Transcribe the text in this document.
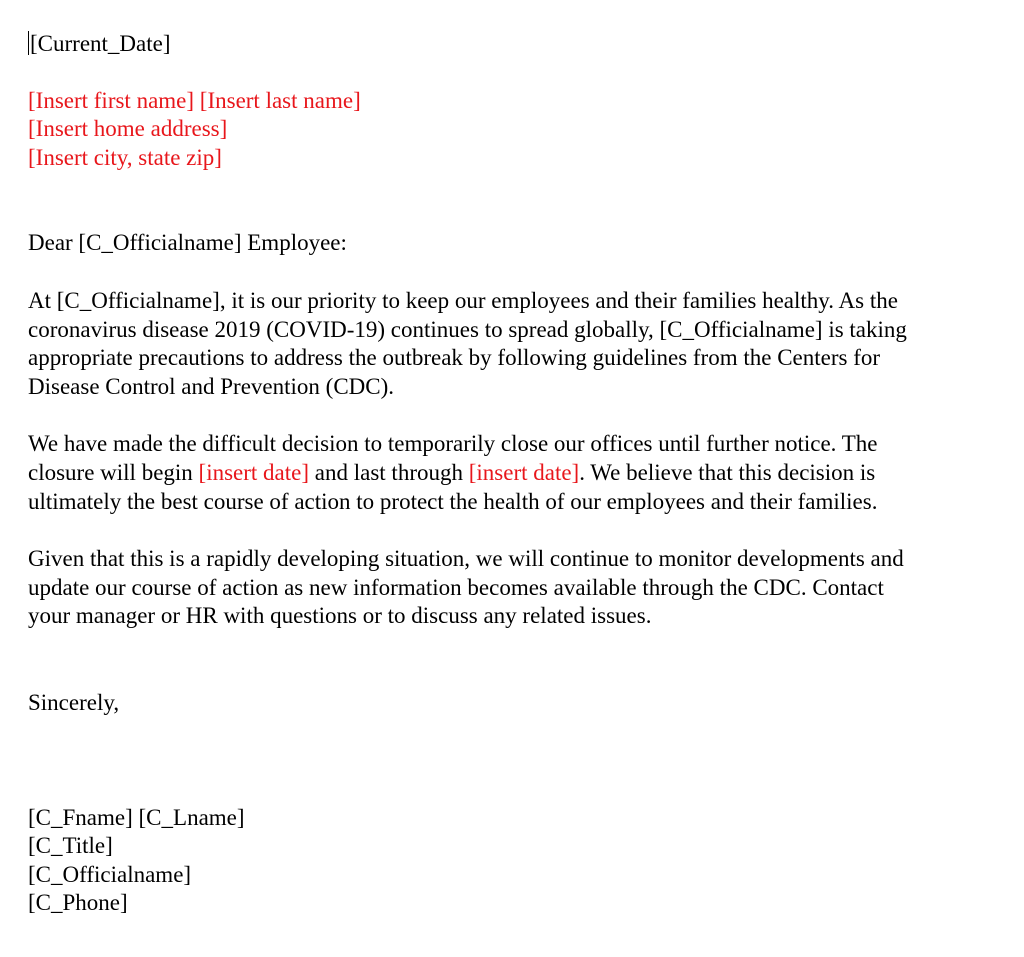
[Current_Date]
[Insert first name] [Insert last name]
[Insert home address]
[Insert city, state zip]
Dear [C_Officialname] Employee:
At [C_Officialname], it is our priority to keep our employees and their families healthy. As the
coronavirus disease 2019 (COVID-19) continues to spread globally, [C_Officialname] is taking
appropriate precautions to address the outbreak by following guidelines from the Centers for
Disease Control and Prevention (CDC).
We have made the difficult decision to temporarily close our offices until further notice. The
closure will begin [insert date] and last through [insert date]. We believe that this decision is
ultimately the best course of action to protect the health of our employees and their families.
Given that this is a rapidly developing situation, we will continue to monitor developments and
update our course of action as new information becomes available through the CDC. Contact
your manager or HR with questions or to discuss any related issues.
Sincerely,
[C_Fname] [C_Lname]
[C_Title]
[C_Officialname]
[C_Phone]
